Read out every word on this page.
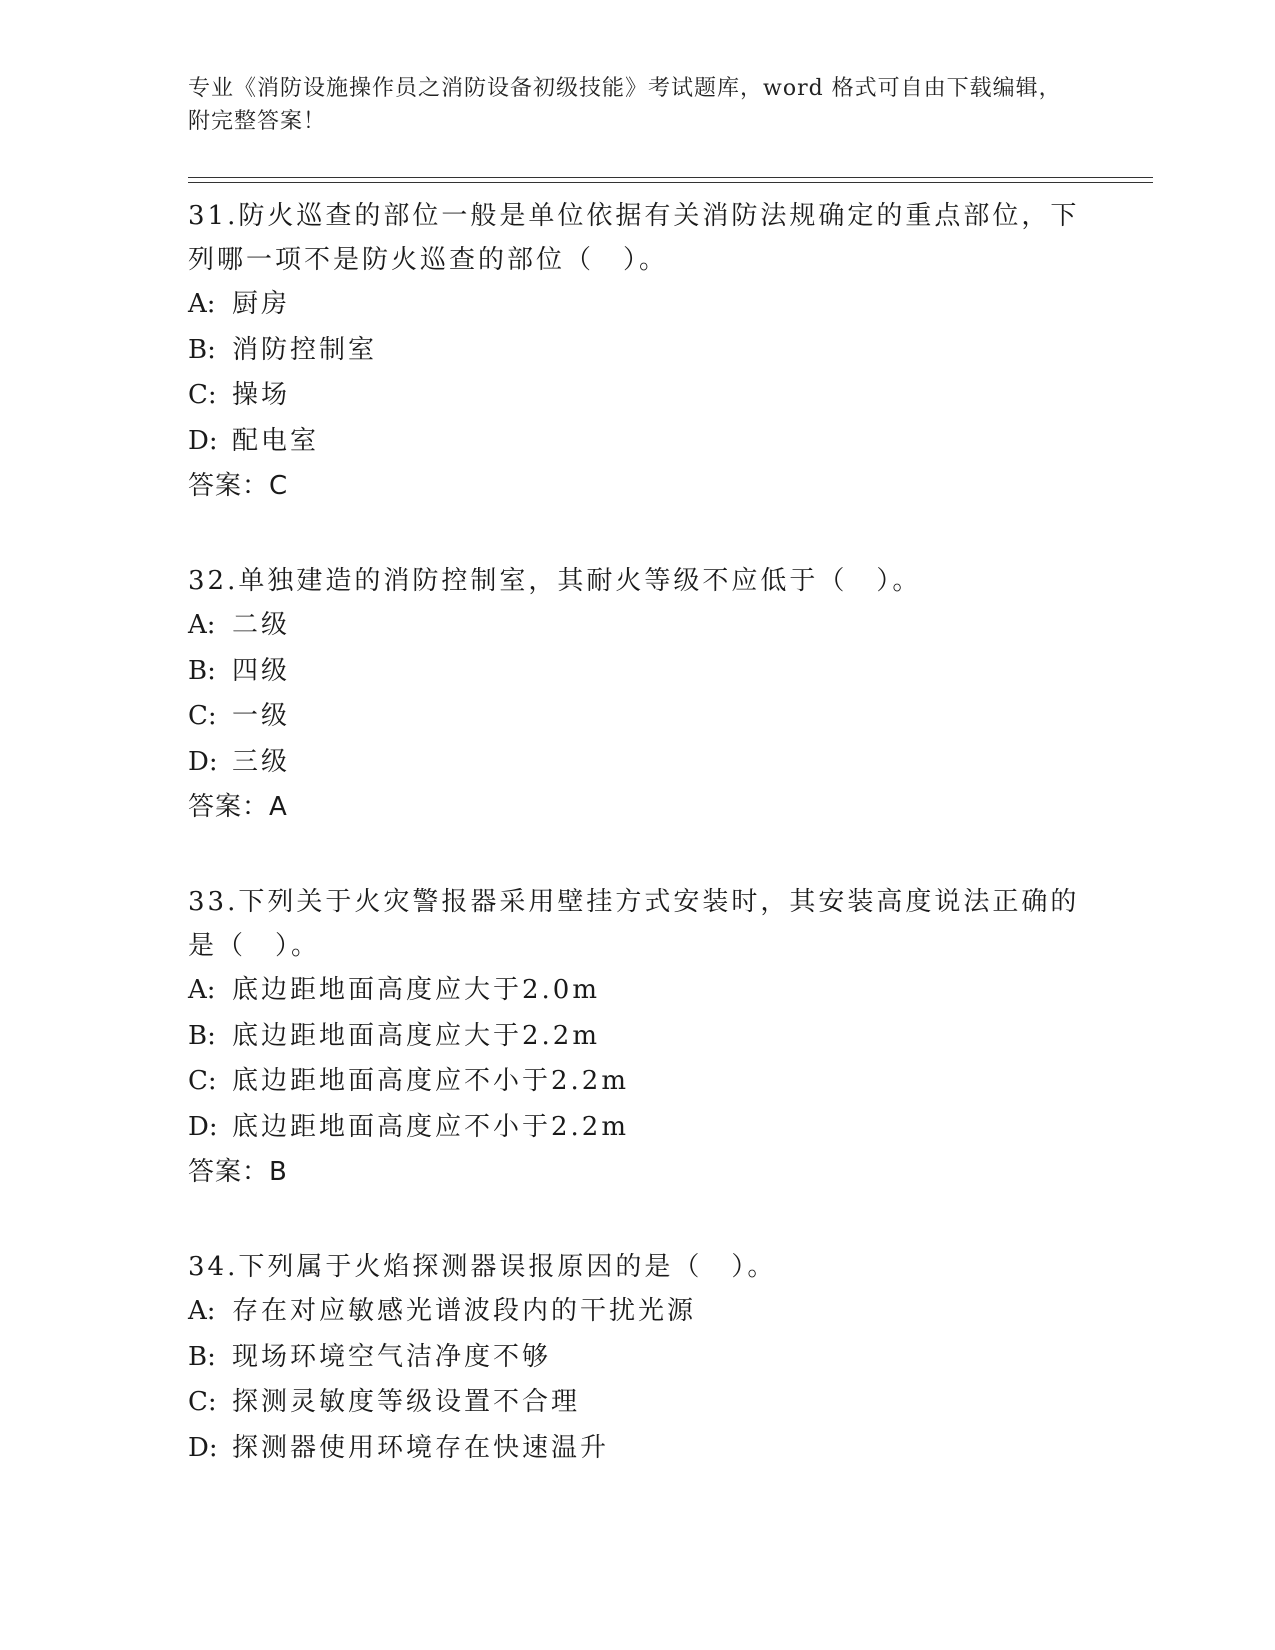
专业《消防设施操作员之消防设备初级技能》考试题库，word 格式可自由下载编辑，附完整答案！

31.防火巡查的部位一般是单位依据有关消防法规确定的重点部位，下列哪一项不是防火巡查的部位（　）。

A: 厨房
B: 消防控制室
C: 操场
D: 配电室
答案：C

32.单独建造的消防控制室，其耐火等级不应低于（　）。

A: 二级
B: 四级
C: 一级
D: 三级
答案：A

33.下列关于火灾警报器采用壁挂方式安装时，其安装高度说法正确的是（　）。

A: 底边距地面高度应大于2.0m
B: 底边距地面高度应大于2.2m
C: 底边距地面高度应不小于2.2m
D: 底边距地面高度应不小于2.2m
答案：B

34.下列属于火焰探测器误报原因的是（　）。

A: 存在对应敏感光谱波段内的干扰光源
B: 现场环境空气洁净度不够
C: 探测灵敏度等级设置不合理
D: 探测器使用环境存在快速温升
